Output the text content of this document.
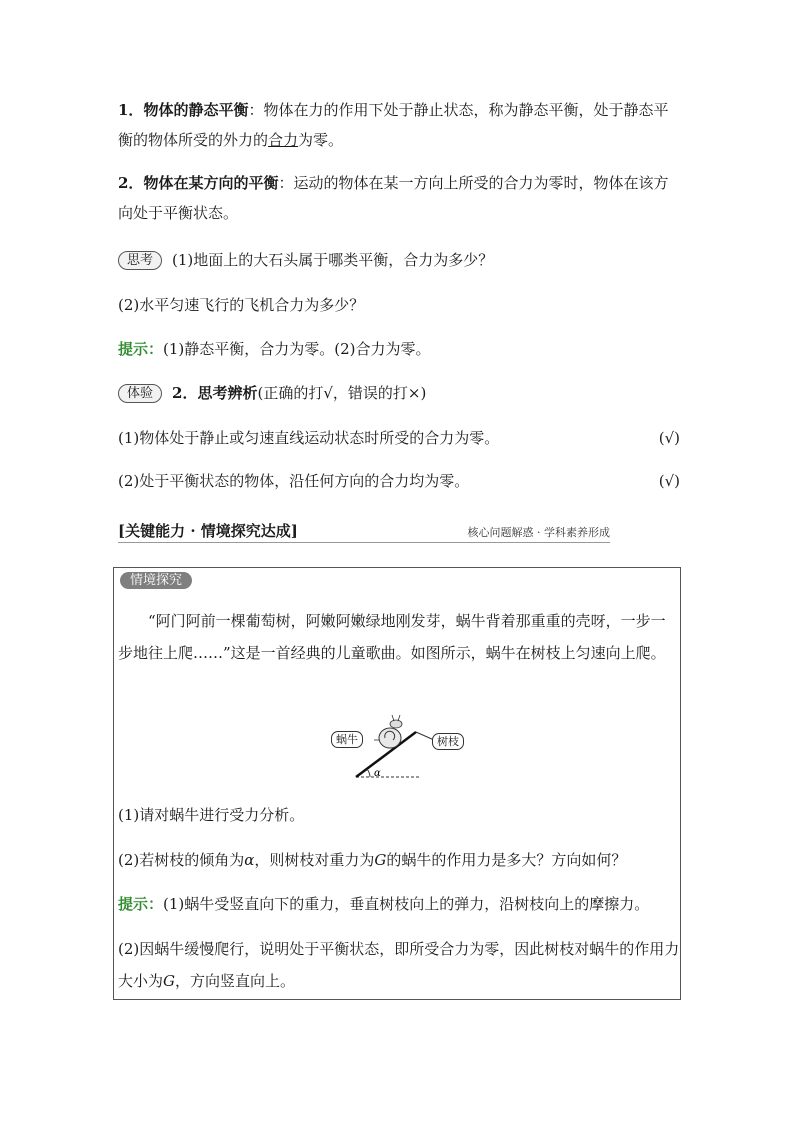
1．物体的静态平衡：物体在力的作用下处于静止状态，称为静态平衡，处于静态平衡的物体所受的外力的合力为零。
2．物体在某方向的平衡：运动的物体在某一方向上所受的合力为零时，物体在该方向处于平衡状态。
思考 (1)地面上的大石头属于哪类平衡，合力为多少？
(2)水平匀速飞行的飞机合力为多少？
提示：(1)静态平衡，合力为零。(2)合力为零。
体验 2．思考辨析(正确的打√，错误的打×)
(1)物体处于静止或匀速直线运动状态时所受的合力为零。	(√)
(2)处于平衡状态的物体，沿任何方向的合力均为零。	(√)
[关键能力 · 情境探究达成]	核心问题解惑 · 学科素养形成
情境探究
“阿门阿前一棵葡萄树，阿嫩阿嫩绿地刚发芽，蜗牛背着那重重的壳呀，一步一步地往上爬……”这是一首经典的儿童歌曲。如图所示，蜗牛在树枝上匀速向上爬。
α
蜗牛	树枝
(1)请对蜗牛进行受力分析。
(2)若树枝的倾角为α，则树枝对重力为G的蜗牛的作用力是多大？方向如何？
提示：(1)蜗牛受竖直向下的重力，垂直树枝向上的弹力，沿树枝向上的摩擦力。
(2)因蜗牛缓慢爬行，说明处于平衡状态，即所受合力为零，因此树枝对蜗牛的作用力大小为G，方向竖直向上。
